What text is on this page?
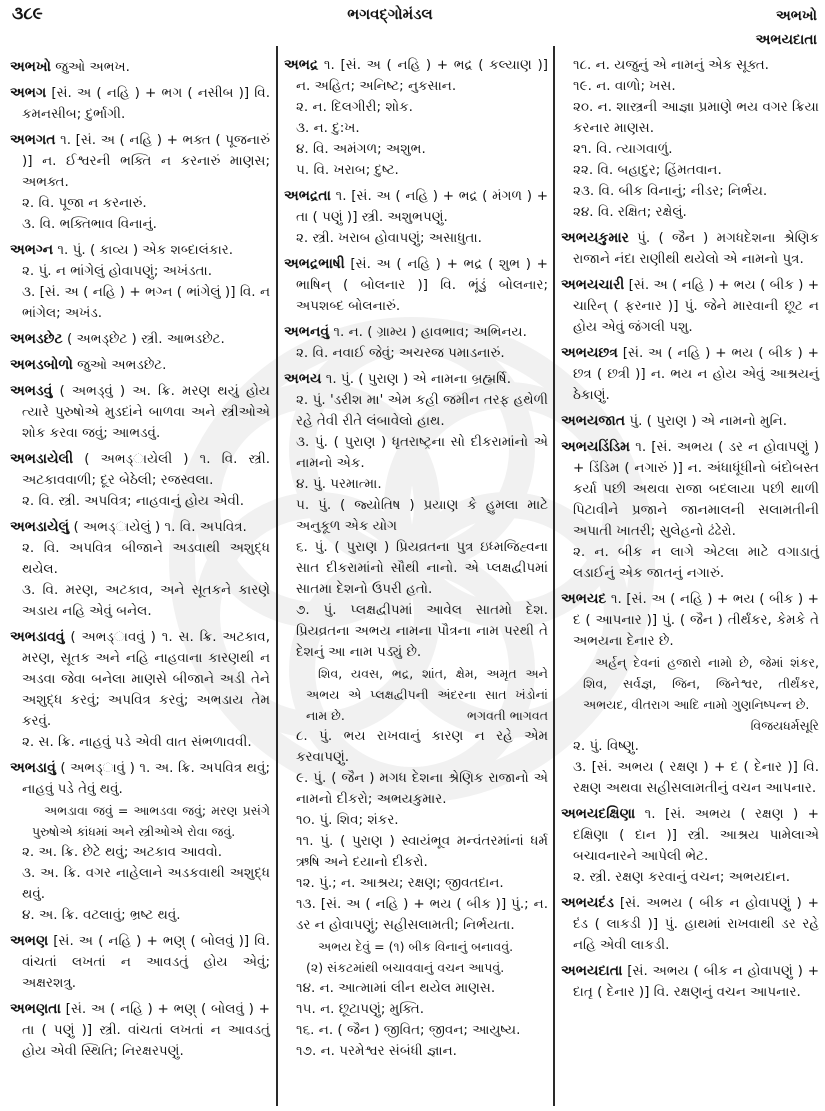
૩૮૯	ભગવદ્ગોમંડલ	અભખો
અભયદાતા

અભખો જુઓ અભખ.

અભગ [સં. અ ( નહિ ) + ભગ ( નસીબ )] વિ. કમનસીબ; દુર્ભાગી.

અભગત ૧. [સં. અ ( નહિ ) + ભક્ત ( પૂજનારું )] ન. ઈશ્વરની ભક્તિ ન કરનારું માણસ; અભક્ત.

૨. વિ. પૂજા ન કરનારું.

૩. વિ. ભક્તિભાવ વિનાનું.

અભગ્ન ૧. પું. ( કાવ્ય ) એક શબ્દાલંકાર.

૨. પું. ન ભાંગેલું હોવાપણું; અખંડતા.

૩. [સં. અ ( નહિ ) + ભગ્ન ( ભાંગેલું )] વિ. ન ભાંગેલ; અખંડ.

અભડછેટ ( અભડ્છેટ ) સ્ત્રી. આભડછેટ.

અભડબોળો જુઓ અભડછેટ.

અભડવું ( અભડ્વું ) અ. ક્રિ. મરણ થયું હોય ત્યારે પુરુષોએ મુડદાંને બાળવા અને સ્ત્રીઓએ શોક કરવા જવું; આભડવું.

અભડાયેલી ( અભડ્ાયેલી ) ૧. વિ. સ્ત્રી. અટકાવવાળી; દૂર બેઠેલી; રજસ્વલા.

૨. વિ. સ્ત્રી. અપવિત્ર; નાહવાનું હોય એવી.

અભડાયેલું ( અભડ્ાયેલું ) ૧. વિ. અપવિત્ર.

૨. વિ. અપવિત્ર બીજાને અડવાથી અશુદ્ધ થયેલ.

૩. વિ. મરણ, અટકાવ, અને સૂતકને કારણે અડાય નહિ એવું બનેલ.

અભડાવવું ( અભડ્ાવવું ) ૧. સ. ક્રિ. અટકાવ, મરણ, સૂતક અને નહિ નાહવાના કારણથી ન અડવા જેવા બનેલા માણસે બીજાને અડી તેને અશુદ્ધ કરવું; અપવિત્ર કરવું; અભડાય તેમ કરવું.

૨. સ. ક્રિ. નાહવું પડે એવી વાત સંભળાવવી.

અભડાવું ( અભડ્ાવું ) ૧. અ. ક્રિ. અપવિત્ર થવું; નાહવું પડે તેવું થવું.

અભડાવા જવું = આભડવા જવું; મરણ પ્રસંગે પુરુષોએ કાંધમાં અને સ્ત્રીઓએ રોવા જવું.

૨. અ. ક્રિ. છેટે થવું; અટકાવ આવવો.

૩. અ. ક્રિ. વગર નાહેલાને અડકવાથી અશુદ્ધ થવું.

૪. અ. ક્રિ. વટલાવું; ભ્રષ્ટ થવું.

અભણ [સં. અ ( નહિ ) + ભણ્ ( બોલવું )] વિ. વાંચતાં લખતાં ન આવડતું હોય એવું; અક્ષરશત્રુ.

અભણતા [સં. અ ( નહિ ) + ભણ્ ( બોલવું ) + તા ( પણું )] સ્ત્રી. વાંચતાં લખતાં ન આવડતું હોય એવી સ્થિતિ; નિરક્ષરપણું.

અભદ્ર ૧. [સં. અ ( નહિ ) + ભદ્ર ( કલ્યાણ )] ન. અહિત; અનિષ્ટ; નુકસાન.

૨. ન. દિલગીરી; શોક.

૩. ન. દુ:ખ.

૪. વિ. અમંગળ; અશુભ.

૫. વિ. ખરાબ; દુષ્ટ.

અભદ્રતા ૧. [સં. અ ( નહિ ) + ભદ્ર ( મંગળ ) + તા ( પણું )] સ્ત્રી. અશુભપણું.

૨. સ્ત્રી. ખરાબ હોવાપણું; અસાધુતા.

અભદ્રભાષી [સં. અ ( નહિ ) + ભદ્ર ( શુભ ) + ભાષિન્ ( બોલનાર )] વિ. ભૂંડું બોલનાર; અપશબ્દ બોલનારું.

અભનવું ૧. ન. ( ગ્રામ્ય ) હાવભાવ; અભિનય.

૨. વિ. નવાઈ જેવું; અચરજ પમાડનારું.

અભય ૧. પું. ( પુરાણ ) એ નામના બ્રહ્મર્ષિ.

૨. પું. 'ડરીશ મા' એમ કહી જમીન તરફ હથેળી રહે તેવી રીતે લંબાવેલો હાથ.

૩. પું. ( પુરાણ ) ધૃતરાષ્ટ્રના સો દીકરામાંનો એ નામનો એક.

૪. પું. પરમાત્મા.

૫. પું. ( જ્યોતિષ ) પ્રયાણ કે હુમલા માટે અનુકૂળ એક યોગ

૬. પું. ( પુરાણ ) પ્રિયવ્રતના પુત્ર ઇધ્મજિહ્વના સાત દીકરામાંનો સૌથી નાનો. એ પ્લક્ષદ્વીપમાં સાતમા દેશનો ઉપરી હતો.

૭. પું. પ્લક્ષદ્વીપમાં આવેલ સાતમો દેશ. પ્રિયવ્રતના અભય નામના પૌત્રના નામ પરથી તે દેશનું આ નામ પડ્યું છે.

શિવ, યવસ, ભદ્ર, શાંત, ક્ષેમ, અમૃત અને અભય એ પ્લક્ષદ્વીપની અંદરના સાત ખંડોનાં નામ છે.	ભગવતી ભાગવત

૮. પું. ભય રાખવાનું કારણ ન રહે એમ કરવાપણું.

૯. પું. ( જૈન ) મગધ દેશના શ્રેણિક રાજાનો એ નામનો દીકરો; અભયકુમાર.

૧૦. પું. શિવ; શંકર.

૧૧. પું. ( પુરાણ ) સ્વાયંભૂવ મન્વંતરમાંનાં ધર્મ ઋષિ અને દયાનો દીકરો.

૧૨. પું.; ન. આશ્રય; રક્ષણ; જીવતદાન.

૧૩. [સં. અ ( નહિ ) + ભય ( બીક )] પું.; ન. ડર ન હોવાપણું; સહીસલામતી; નિર્ભયતા.

અભય દેવું = (૧) બીક વિનાનું બનાવવું.
(૨) સંકટમાંથી બચાવવાનું વચન આપવું.

૧૪. ન. આત્મામાં લીન થયેલ માણસ.

૧૫. ન. છૂટાપણું; મુક્તિ.

૧૬. ન. ( જૈન ) જીવિત; જીવન; આયુષ્ય.

૧૭. ન. પરમેશ્વર સંબંધી જ્ઞાન.

૧૮. ન. યજુનું એ નામનું એક સૂક્ત.

૧૯. ન. વાળો; ખસ.

૨૦. ન. શાસ્ત્રની આજ્ઞા પ્રમાણે ભય વગર ક્રિયા કરનાર માણસ.

૨૧. વિ. ત્યાગવાળું.

૨૨. વિ. બહાદુર; હિંમતવાન.

૨૩. વિ. બીક વિનાનું; નીડર; નિર્ભય.

૨૪. વિ. રક્ષિત; રક્ષેલું.

અભયકુમાર પું. ( જૈન ) મગધદેશના શ્રેણિક રાજાને નંદા રાણીથી થયેલો એ નામનો પુત્ર.

અભયચારી [સં. અ ( નહિ ) + ભય ( બીક ) + ચારિન્ ( ફરનાર )] પું. જેને મારવાની છૂટ ન હોય એવું જંગલી પશુ.

અભયછત્ર [સં. અ ( નહિ ) + ભય ( બીક ) + છત્ર ( છત્રી )] ન. ભય ન હોય એવું આશ્રયનું ઠેકાણું.

અભયજાત પું. ( પુરાણ ) એ નામનો મુનિ.

અભયડિંડિમ ૧. [સં. અભય ( ડર ન હોવાપણું ) + ડિંડિમ ( નગારું )] ન. અંધાધૂંધીનો બંદોબસ્ત કર્યા પછી અથવા રાજા બદલાયા પછી થાળી પિટાવીને પ્રજાને જાનમાલની સલામતીની અપાતી ખાતરી; સુલેહનો ઢંઢેરો.

૨. ન. બીક ન લાગે એટલા માટે વગાડાતું લડાઈનું એક જાતનું નગારું.

અભયદ ૧. [સં. અ ( નહિ ) + ભય ( બીક ) + દ ( આપનાર )] પું. ( જૈન ) તીર્થંકર, કેમકે તે અભયના દેનાર છે.

અર્હન્ દેવનાં હજારો નામો છે, જેમાં શંકર, શિવ, સર્વજ્ઞ, જિન, જિનેશ્વર, તીર્થંકર, અભયદ, વીતરાગ આદિ નામો ગુણનિષ્પન્ન છે.
વિજયધર્મસૂરિ

૨. પું. વિષ્ણુ.

૩. [સં. અભય ( રક્ષણ ) + દ ( દેનાર )] વિ. રક્ષણ અથવા સહીસલામતીનું વચન આપનાર.

અભયદક્ષિણા ૧. [સં. અભય ( રક્ષણ ) + દક્ષિણા ( દાન )] સ્ત્રી. આશ્રય પામેલાએ બચાવનારને આપેલી ભેટ.

૨. સ્ત્રી. રક્ષણ કરવાનું વચન; અભયદાન.

અભયદંડ [સં. અભય ( બીક ન હોવાપણું ) + દંડ ( લાકડી )] પું. હાથમાં રાખવાથી ડર રહે નહિ એવી લાકડી.

અભયદાતા [સં. અભય ( બીક ન હોવાપણું ) + દાતૃ ( દેનાર )] વિ. રક્ષણનું વચન આપનાર.
